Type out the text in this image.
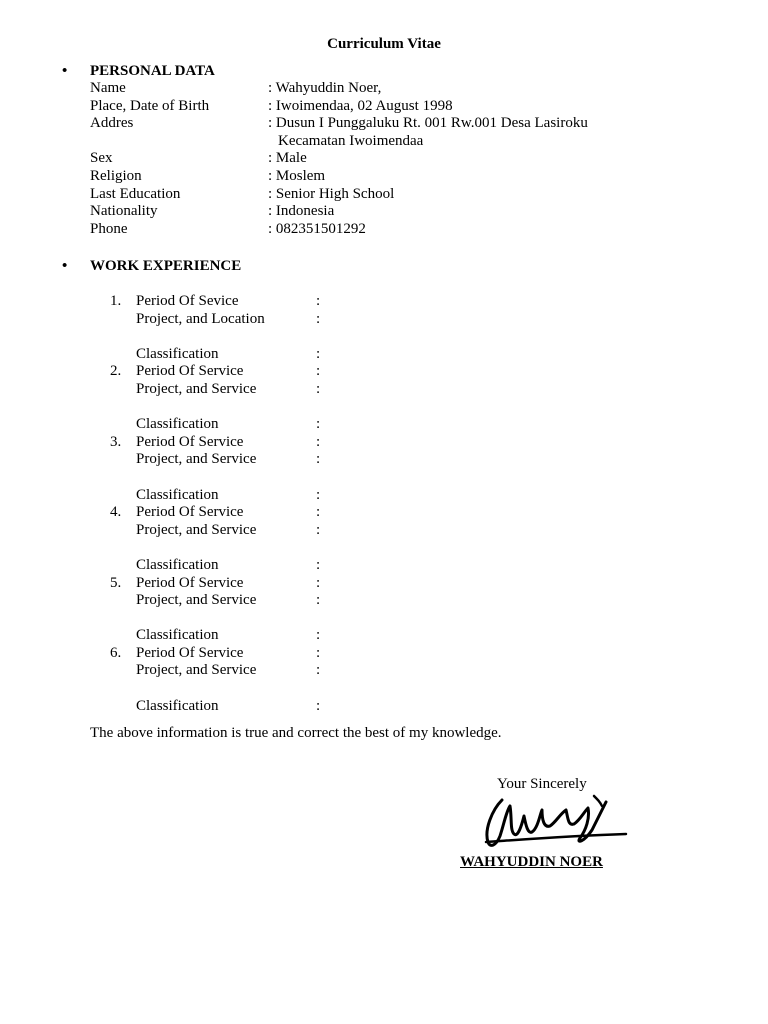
Curriculum Vitae
• PERSONAL DATA
Name	: Wahyuddin Noer,
Place, Date of Birth	: Iwoimendaa, 02 August 1998
Addres	: Dusun I Punggaluku Rt. 001 Rw.001 Desa Lasiroku
Kecamatan Iwoimendaa
Sex	: Male
Religion	: Moslem
Last Education	: Senior High School
Nationality	: Indonesia
Phone	: 082351501292
• WORK EXPERIENCE
1. Period Of Sevice	:
Project, and Location	:
Classification	:
2. Period Of Service	:
Project, and Service	:
Classification	:
3. Period Of Service	:
Project, and Service	:
Classification	:
4. Period Of Service	:
Project, and Service	:
Classification	:
5. Period Of Service	:
Project, and Service	:
Classification	:
6. Period Of Service	:
Project, and Service	:
Classification	:
The above information is true and correct the best of my knowledge.
Your Sincerely
WAHYUDDIN NOER
